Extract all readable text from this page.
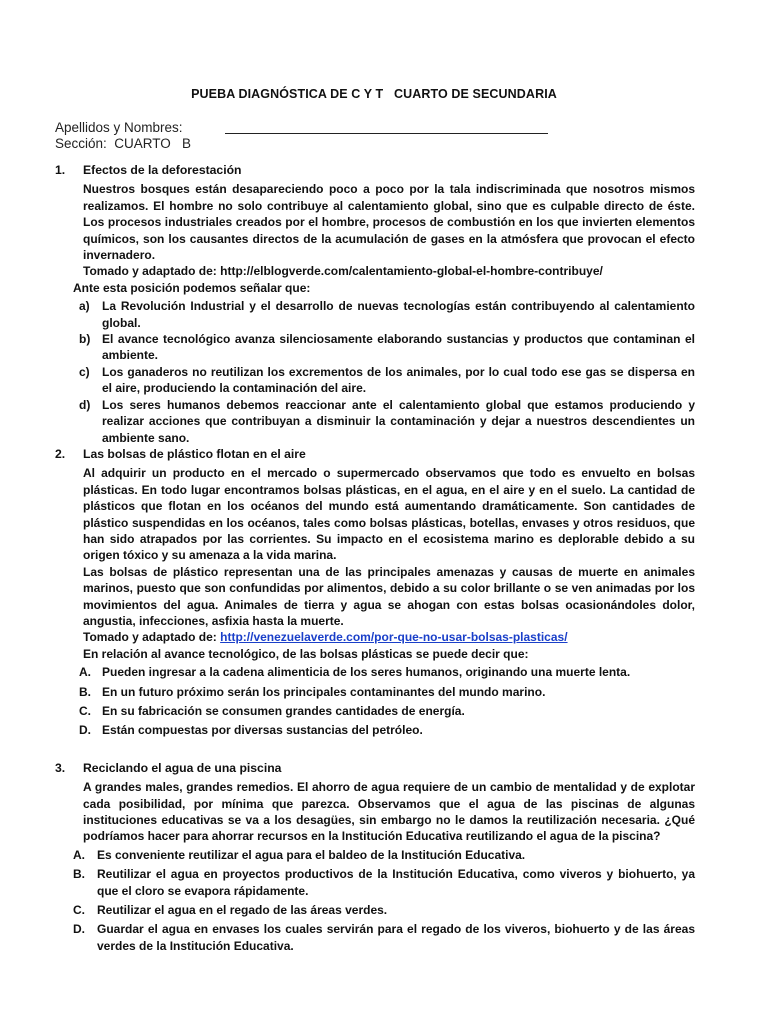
PUEBA DIAGNÓSTICA DE C Y T   CUARTO DE SECUNDARIA
Apellidos y Nombres:
Sección:  CUARTO   B
1.	Efectos de la deforestación
Nuestros bosques están desapareciendo poco a poco por la tala indiscriminada que nosotros mismos realizamos. El hombre no solo contribuye al calentamiento global, sino que es culpable directo de éste. Los procesos industriales creados por el hombre, procesos de combustión en los que invierten elementos químicos, son los causantes directos de la acumulación de gases en la atmósfera que provocan el efecto invernadero.
Tomado y adaptado de: http://elblogverde.com/calentamiento-global-el-hombre-contribuye/
Ante esta posición podemos señalar que:
a)	La Revolución Industrial y el desarrollo de nuevas tecnologías están contribuyendo al calentamiento global.
b) El avance tecnológico avanza silenciosamente elaborando sustancias y productos que contaminan el ambiente.
c)	Los ganaderos no reutilizan los excrementos de los animales, por lo cual todo ese gas se dispersa en el aire, produciendo la contaminación del aire.
d) Los seres humanos debemos reaccionar ante el calentamiento global que estamos produciendo y realizar acciones que contribuyan a disminuir la contaminación y dejar a nuestros descendientes un ambiente sano.
2.	Las bolsas de plástico flotan en el aire
Al adquirir un producto en el mercado o supermercado observamos que todo es envuelto en bolsas plásticas. En todo lugar encontramos bolsas plásticas, en el agua, en el aire y en el suelo. La cantidad de plásticos que flotan en los océanos del mundo está aumentando dramáticamente. Son cantidades de plástico suspendidas en los océanos, tales como bolsas plásticas, botellas, envases y otros residuos, que han sido atrapados por las corrientes. Su impacto en el ecosistema marino es deplorable debido a su origen tóxico y su amenaza a la vida marina.
Las bolsas de plástico representan una de las principales amenazas y causas de muerte en animales marinos, puesto que son confundidas por alimentos, debido a su color brillante o se ven animadas por los movimientos del agua. Animales de tierra y agua se ahogan con estas bolsas ocasionándoles dolor, angustia, infecciones, asfixia hasta la muerte.
Tomado y adaptado de: http://venezuelaverde.com/por-que-no-usar-bolsas-plasticas/
En relación al avance tecnológico, de las bolsas plásticas se puede decir que:
A. Pueden ingresar a la cadena alimenticia de los seres humanos, originando una muerte lenta.
B. En un futuro próximo serán los principales contaminantes del mundo marino.
C. En su fabricación se consumen grandes cantidades de energía.
D. Están compuestas por diversas sustancias del petróleo.
3.	Reciclando el agua de una piscina
A grandes males, grandes remedios. El ahorro de agua requiere de un cambio de mentalidad y de explotar cada posibilidad, por mínima que parezca. Observamos que el agua de las piscinas de algunas instituciones educativas se va a los desagües, sin embargo no le damos la reutilización necesaria. ¿Qué podríamos hacer para ahorrar recursos en la Institución Educativa reutilizando el agua de la piscina?
A.	Es conveniente reutilizar el agua para el baldeo de la Institución Educativa.
B.	Reutilizar el agua en proyectos productivos de la Institución Educativa, como viveros y biohuerto, ya que el cloro se evapora rápidamente.
C.	Reutilizar el agua en el regado de las áreas verdes.
D.	Guardar el agua en envases los cuales servirán para el regado de los viveros, biohuerto y de las áreas verdes de la Institución Educativa.
